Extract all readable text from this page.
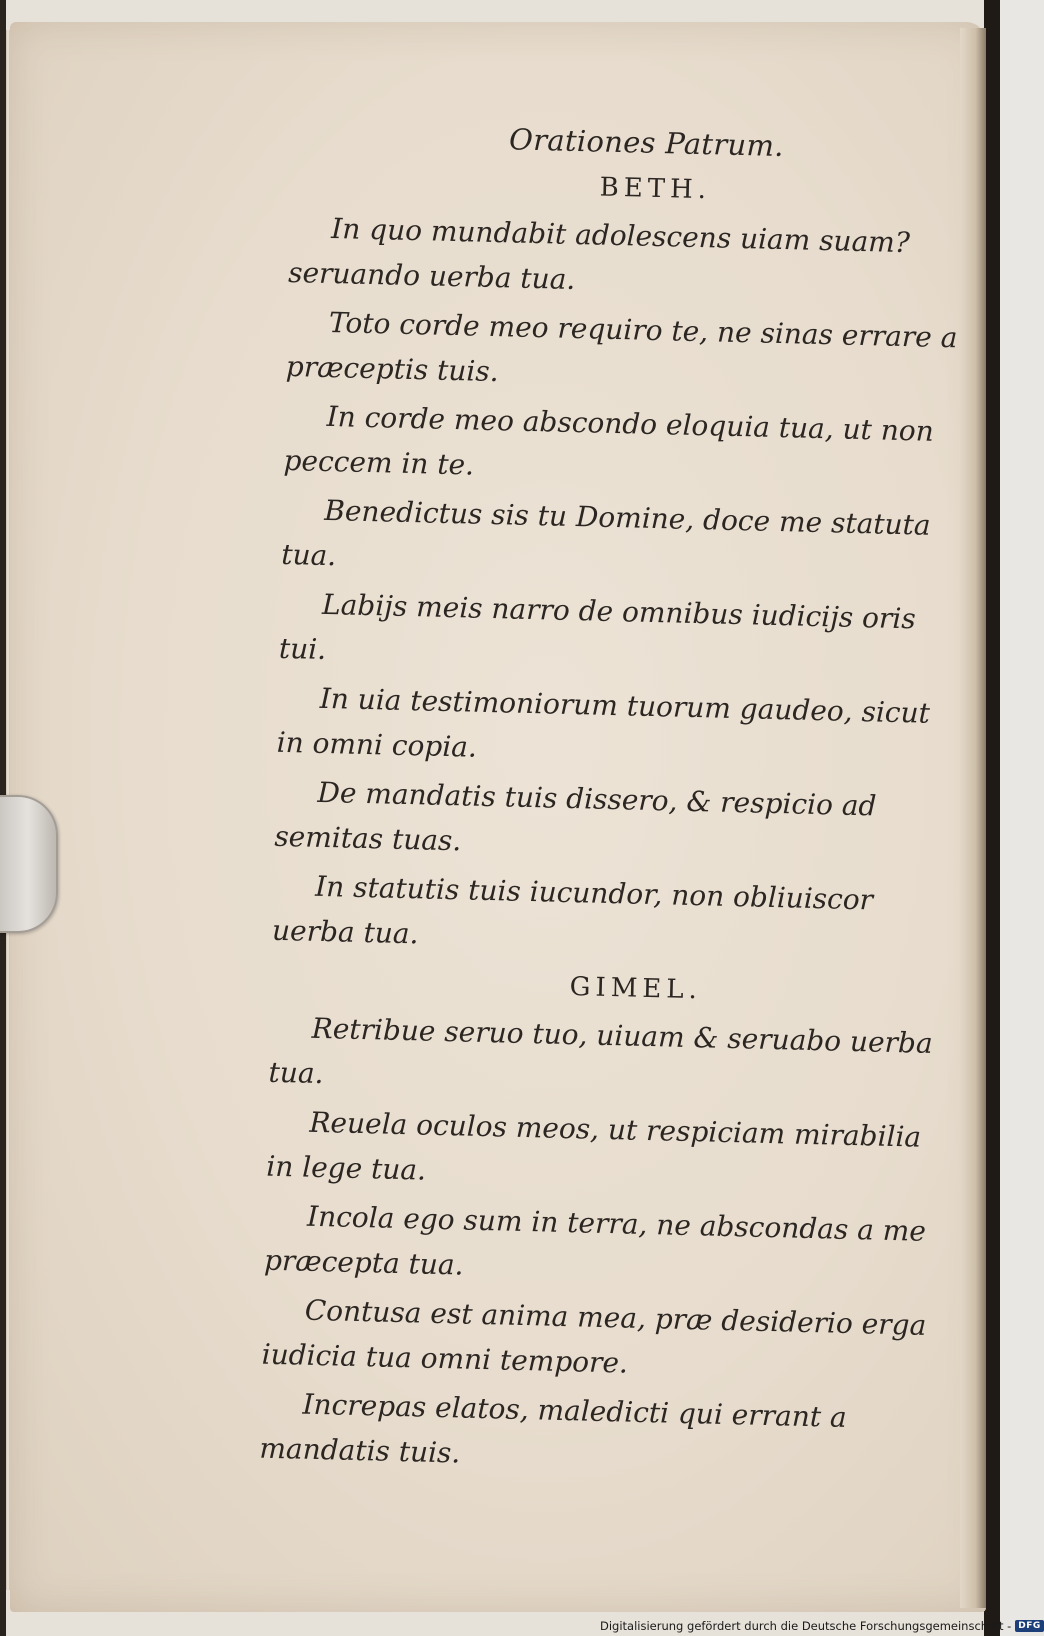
Orationes Patrum.
BETH.

In quo mundabit adolescens uiam suam? seruando uerba tua.

Toto corde meo requiro te, ne sinas errare a præceptis tuis.

In corde meo abscondo eloquia tua, ut non peccem in te.

Benedictus sis tu Domine, doce me statuta tua.

Labijs meis narro de omnibus iudicijs oris tui.

In uia testimoniorum tuorum gaudeo, sicut in omni copia.

De mandatis tuis dissero, & respicio ad semitas tuas.

In statutis tuis iucundor, non obliuiscor uerba tua.

GIMEL.

Retribue seruo tuo, uiuam & seruabo uerba tua.

Reuela oculos meos, ut respiciam mirabilia in lege tua.

Incola ego sum in terra, ne abscondas a me præcepta tua.

Contusa est anima mea, præ desiderio erga iudicia tua omni tempore.

Increpas elatos, maledicti qui errant a mandatis tuis.

Digitalisierung gefördert durch die Deutsche Forschungsgemeinschaft - DFG
